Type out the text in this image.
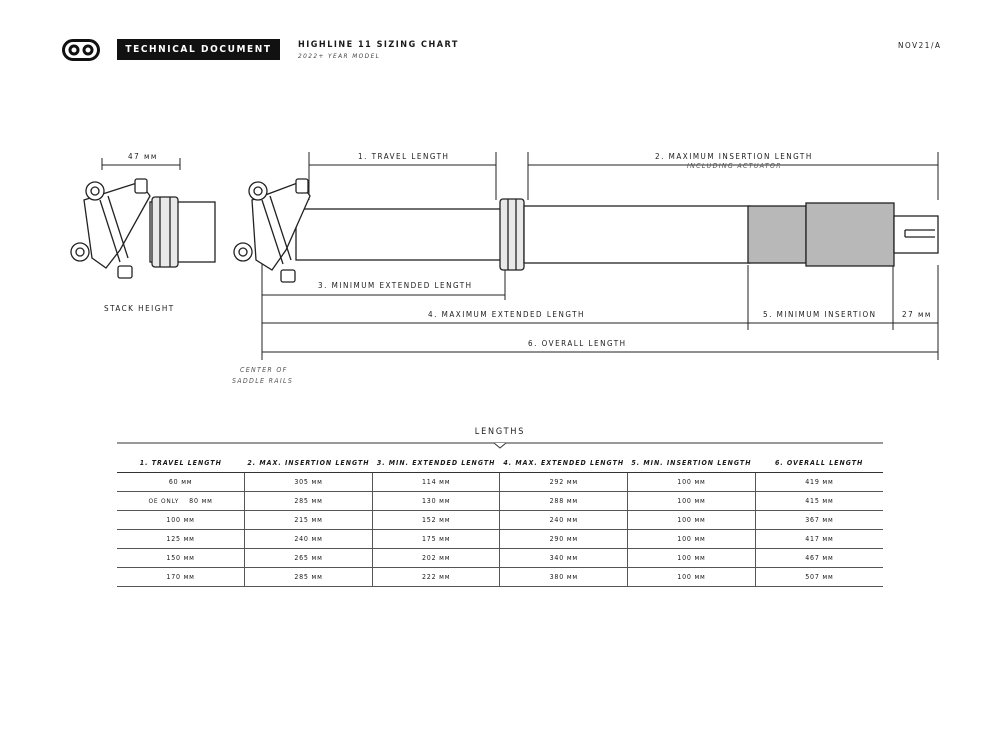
TECHNICAL DOCUMENT	HIGHLINE 11 SIZING CHART
2022+ YEAR MODEL
NOV21/A
47 мм
STACK HEIGHT
1. TRAVEL LENGTH	2. MAXIMUM INSERTION LENGTH
INCLUDING ACTUATOR
3. MINIMUM EXTENDED LENGTH
4. MAXIMUM EXTENDED LENGTH	5. MINIMUM INSERTION	27 мм
6. OVERALL LENGTH
CENTER OF
SADDLE RAILS
LENGTHS
1. TRAVEL LENGTH	2. MAX. INSERTION LENGTH	3. MIN. EXTENDED LENGTH	4. MAX. EXTENDED LENGTH	5. MIN. INSERTION LENGTH	6. OVERALL LENGTH
60 мм	305 мм	114 мм	292 мм	100 мм	419 мм
OE ONLY 80 мм	285 мм	130 мм	288 мм	100 мм	415 мм
100 мм	215 мм	152 мм	240 мм	100 мм	367 мм
125 мм	240 мм	175 мм	290 мм	100 мм	417 мм
150 мм	265 мм	202 мм	340 мм	100 мм	467 мм
170 мм	285 мм	222 мм	380 мм	100 мм	507 мм
